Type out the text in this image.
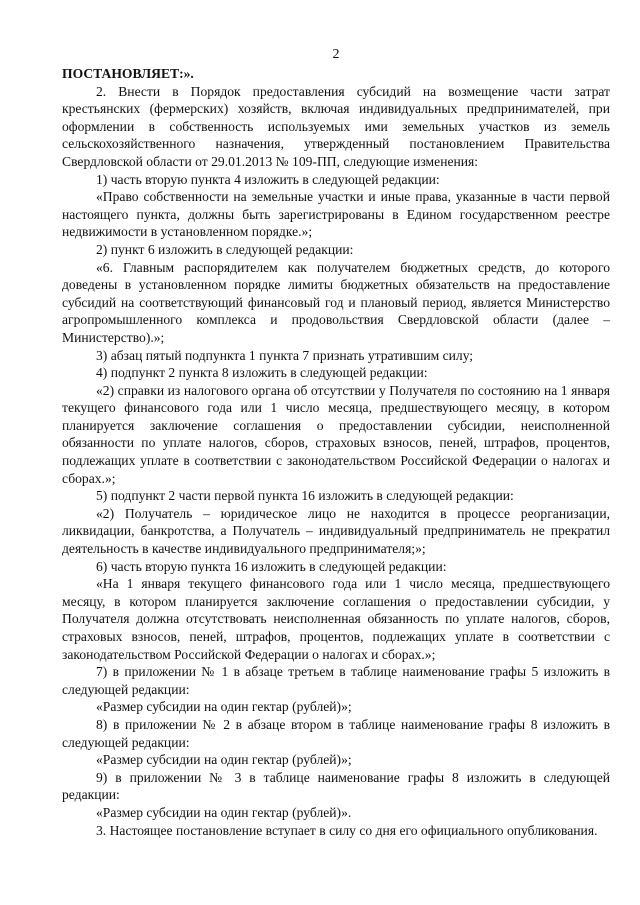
2

ПОСТАНОВЛЯЕТ:».

2. Внести в Порядок предоставления субсидий на возмещение части затрат крестьянских (фермерских) хозяйств, включая индивидуальных предпринимателей, при оформлении в собственность используемых ими земельных участков из земель сельскохозяйственного назначения, утвержденный постановлением Правительства Свердловской области от 29.01.2013 № 109-ПП, следующие изменения:

1) часть вторую пункта 4 изложить в следующей редакции:

«Право собственности на земельные участки и иные права, указанные в части первой настоящего пункта, должны быть зарегистрированы в Едином государственном реестре недвижимости в установленном порядке.»;

2) пункт 6 изложить в следующей редакции:

«6. Главным распорядителем как получателем бюджетных средств, до которого доведены в установленном порядке лимиты бюджетных обязательств на предоставление субсидий на соответствующий финансовый год и плановый период, является Министерство агропромышленного комплекса и продовольствия Свердловской области (далее – Министерство).»;

3) абзац пятый подпункта 1 пункта 7 признать утратившим силу;

4) подпункт 2 пункта 8 изложить в следующей редакции:

«2) справки из налогового органа об отсутствии у Получателя по состоянию на 1 января текущего финансового года или 1 число месяца, предшествующего месяцу, в котором планируется заключение соглашения о предоставлении субсидии, неисполненной обязанности по уплате налогов, сборов, страховых взносов, пеней, штрафов, процентов, подлежащих уплате в соответствии с законодательством Российской Федерации о налогах и сборах.»;

5) подпункт 2 части первой пункта 16 изложить в следующей редакции:

«2) Получатель – юридическое лицо не находится в процессе реорганизации, ликвидации, банкротства, а Получатель – индивидуальный предприниматель не прекратил деятельность в качестве индивидуального предпринимателя;»;

6) часть вторую пункта 16 изложить в следующей редакции:

«На 1 января текущего финансового года или 1 число месяца, предшествующего месяцу, в котором планируется заключение соглашения о предоставлении субсидии, у Получателя должна отсутствовать неисполненная обязанность по уплате налогов, сборов, страховых взносов, пеней, штрафов, процентов, подлежащих уплате в соответствии с законодательством Российской Федерации о налогах и сборах.»;

7) в приложении № 1 в абзаце третьем в таблице наименование графы 5 изложить в следующей редакции:

«Размер субсидии на один гектар (рублей)»;

8) в приложении № 2 в абзаце втором в таблице наименование графы 8 изложить в следующей редакции:

«Размер субсидии на один гектар (рублей)»;

9) в приложении № 3 в таблице наименование графы 8 изложить в следующей редакции:

«Размер субсидии на один гектар (рублей)».

3. Настоящее постановление вступает в силу со дня его официального опубликования.
